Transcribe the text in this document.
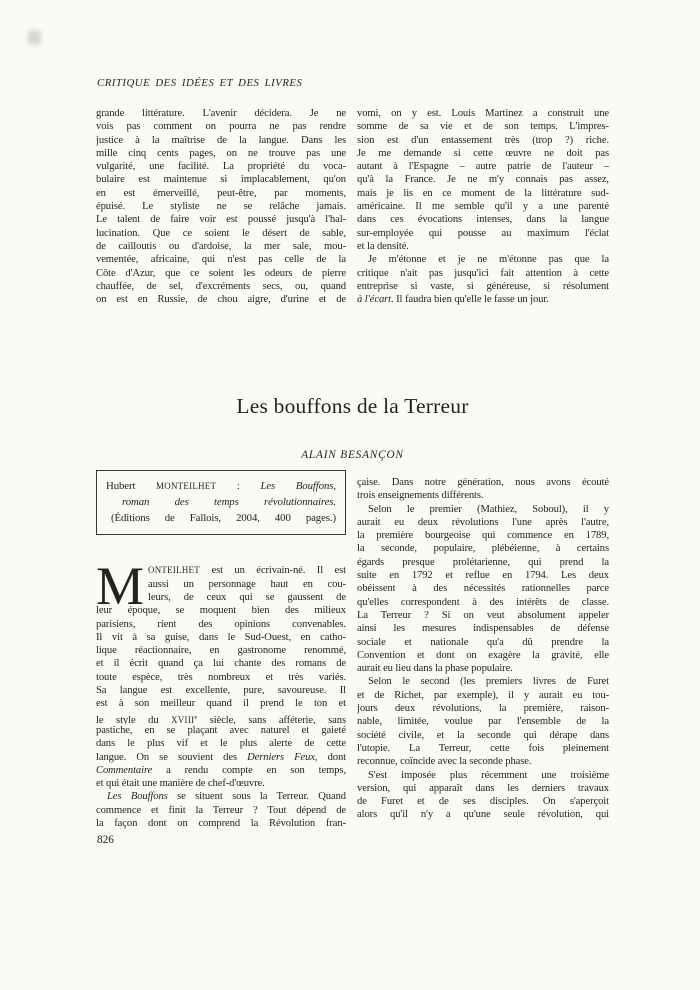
CRITIQUE DES IDÉES ET DES LIVRES
grande littérature. L'avenir décidera. Je ne
vois pas comment on pourra ne pas rendre
justice à la maîtrise de la langue. Dans les
mille cinq cents pages, on ne trouve pas une
vulgarité, une facilité. La propriété du voca-
bulaire est maintenue si implacablement, qu'on
en est émerveillé, peut-être, par moments,
épuisé. Le styliste ne se relâche jamais.
Le talent de faire voir est poussé jusqu'à l'hal-
lucination. Que ce soient le désert de sable,
de cailloutis ou d'ardoise, la mer sale, mou-
vementée, africaine, qui n'est pas celle de la
Côte d'Azur, que ce soient les odeurs de pierre
chauffée, de sel, d'excréments secs, ou, quand
on est en Russie, de chou aigre, d'urine et de
vomi, on y est. Louis Martinez a construit une
somme de sa vie et de son temps. L'impres-
sion est d'un entassement très (trop ?) riche.
Je me demande si cette œuvre ne doit pas
autant à l'Espagne – autre patrie de l'auteur –
qu'à la France. Je ne m'y connais pas assez,
mais je lis en ce moment de la littérature sud-
américaine. Il me semble qu'il y a une parenté
dans ces évocations intenses, dans la langue
sur-employée qui pousse au maximum l'éclat
et la densité.
Je m'étonne et je ne m'étonne pas que la
critique n'ait pas jusqu'ici fait attention à cette
entreprise si vaste, si généreuse, si résolument
à l'écart. Il faudra bien qu'elle le fasse un jour.
Les bouffons de la Terreur
ALAIN BESANÇON
Hubert MONTEILHET : Les Bouffons,
roman des temps révolutionnaires.
(Éditions de Fallois, 2004, 400 pages.)
M ONTEILHET est un écrivain-né. Il est
aussi un personnage haut en cou-
leurs, de ceux qui se gaussent de
leur époque, se moquent bien des milieux
parisiens, rient des opinions convenables.
Il vit à sa guise, dans le Sud-Ouest, en catho-
lique réactionnaire, en gastronome renommé,
et il écrit quand ça lui chante des romans de
toute espèce, très nombreux et très variés.
Sa langue est excellente, pure, savoureuse. Il
est à son meilleur quand il prend le ton et
le style du XVIIIe siècle, sans afféterie, sans
pastiche, en se plaçant avec naturel et gaieté
dans le plus vif et le plus alerte de cette
langue. On se souvient des Derniers Feux, dont
Commentaire a rendu compte en son temps,
et qui était une manière de chef-d'œuvre.
Les Bouffons se situent sous la Terreur. Quand
commence et finit la Terreur ? Tout dépend de
la façon dont on comprend la Révolution fran-
çaise. Dans notre génération, nous avons écouté
trois enseignements différents.
Selon le premier (Mathiez, Soboul), il y
aurait eu deux révolutions l'une après l'autre,
la première bourgeoise qui commence en 1789,
la seconde, populaire, plébéienne, à certains
égards presque prolétarienne, qui prend la
suite en 1792 et reflue en 1794. Les deux
obéissent à des nécessités rationnelles parce
qu'elles correspondent à des intérêts de classe.
La Terreur ? Si on veut absolument appeler
ainsi les mesures indispensables de défense
sociale et nationale qu'a dû prendre la
Convention et dont on exagère la gravité, elle
aurait eu lieu dans la phase populaire.
Selon le second (les premiers livres de Furet
et de Richet, par exemple), il y aurait eu tou-
jours deux révolutions, la première, raison-
nable, limitée, voulue par l'ensemble de la
société civile, et la seconde qui dérape dans
l'utopie. La Terreur, cette fois pleinement
reconnue, coïncide avec la seconde phase.
S'est imposée plus récemment une troisième
version, qui apparaît dans les derniers travaux
de Furet et de ses disciples. On s'aperçoit
alors qu'il n'y a qu'une seule révolution, qui
826
